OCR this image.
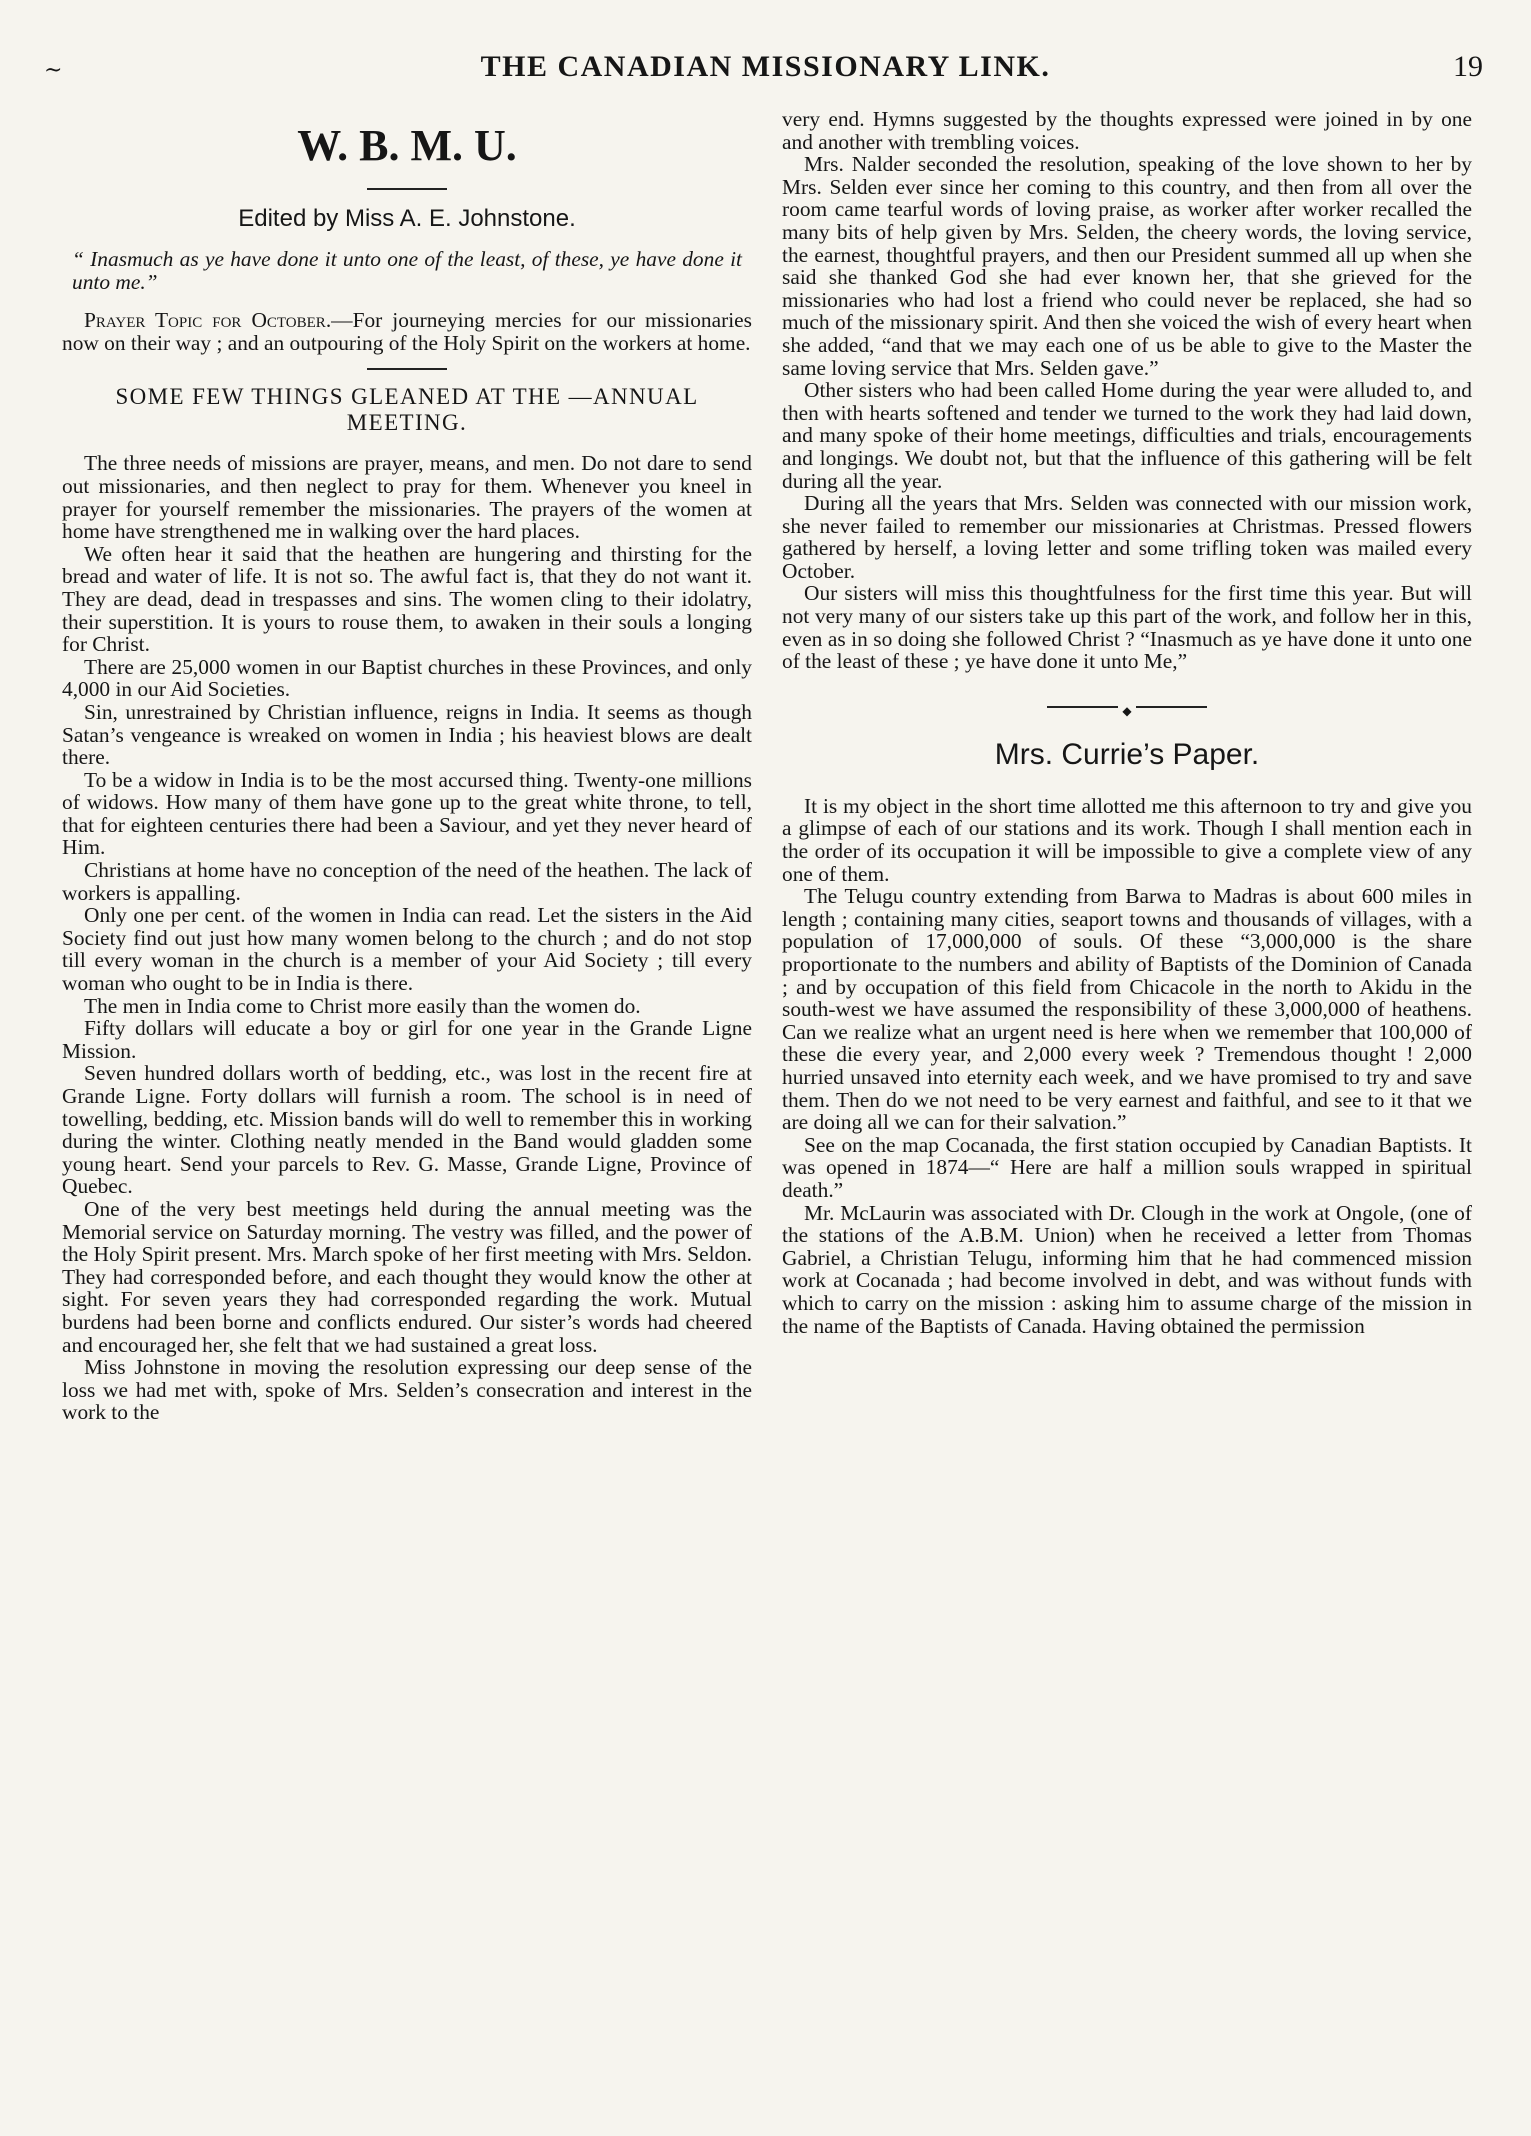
~	THE CANADIAN MISSIONARY LINK.	19
W. B. M. U.
Edited by Miss A. E. Johnstone.

“ Inasmuch as ye have done it unto one of the least, of these, ye have done it unto me.”

Prayer Topic for October.—For journeying mercies for our missionaries now on their way ; and an outpouring of the Holy Spirit on the workers at home.

SOME FEW THINGS GLEANED AT THE —ANNUAL MEETING.

The three needs of missions are prayer, means, and men. Do not dare to send out missionaries, and then neglect to pray for them. Whenever you kneel in prayer for yourself remember the missionaries. The prayers of the women at home have strengthened me in walking over the hard places.

We often hear it said that the heathen are hungering and thirsting for the bread and water of life. It is not so. The awful fact is, that they do not want it. They are dead, dead in trespasses and sins. The women cling to their idolatry, their superstition. It is yours to rouse them, to awaken in their souls a longing for Christ.

There are 25,000 women in our Baptist churches in these Provinces, and only 4,000 in our Aid Societies.

Sin, unrestrained by Christian influence, reigns in India. It seems as though Satan’s vengeance is wreaked on women in India ; his heaviest blows are dealt there.

To be a widow in India is to be the most accursed thing. Twenty-one millions of widows. How many of them have gone up to the great white throne, to tell, that for eighteen centuries there had been a Saviour, and yet they never heard of Him.

Christians at home have no conception of the need of the heathen. The lack of workers is appalling.

Only one per cent. of the women in India can read. Let the sisters in the Aid Society find out just how many women belong to the church ; and do not stop till every woman in the church is a member of your Aid Society ; till every woman who ought to be in India is there.

The men in India come to Christ more easily than the women do.

Fifty dollars will educate a boy or girl for one year in the Grande Ligne Mission.

Seven hundred dollars worth of bedding, etc., was lost in the recent fire at Grande Ligne. Forty dollars will furnish a room. The school is in need of towelling, bedding, etc. Mission bands will do well to remember this in working during the winter. Clothing neatly mended in the Band would gladden some young heart. Send your parcels to Rev. G. Masse, Grande Ligne, Province of Quebec.

One of the very best meetings held during the annual meeting was the Memorial service on Saturday morning. The vestry was filled, and the power of the Holy Spirit present. Mrs. March spoke of her first meeting with Mrs. Seldon. They had corresponded before, and each thought they would know the other at sight. For seven years they had corresponded regarding the work. Mutual burdens had been borne and conflicts endured. Our sister’s words had cheered and encouraged her, she felt that we had sustained a great loss.

Miss Johnstone in moving the resolution expressing our deep sense of the loss we had met with, spoke of Mrs. Selden’s consecration and interest in the work to the

very end. Hymns suggested by the thoughts expressed were joined in by one and another with trembling voices.

Mrs. Nalder seconded the resolution, speaking of the love shown to her by Mrs. Selden ever since her coming to this country, and then from all over the room came tearful words of loving praise, as worker after worker recalled the many bits of help given by Mrs. Selden, the cheery words, the loving service, the earnest, thoughtful prayers, and then our President summed all up when she said she thanked God she had ever known her, that she grieved for the missionaries who had lost a friend who could never be replaced, she had so much of the missionary spirit. And then she voiced the wish of every heart when she added, “and that we may each one of us be able to give to the Master the same loving service that Mrs. Selden gave.”

Other sisters who had been called Home during the year were alluded to, and then with hearts softened and tender we turned to the work they had laid down, and many spoke of their home meetings, difficulties and trials, encouragements and longings. We doubt not, but that the influence of this gathering will be felt during all the year.

During all the years that Mrs. Selden was connected with our mission work, she never failed to remember our missionaries at Christmas. Pressed flowers gathered by herself, a loving letter and some trifling token was mailed every October.

Our sisters will miss this thoughtfulness for the first time this year. But will not very many of our sisters take up this part of the work, and follow her in this, even as in so doing she followed Christ ? “Inasmuch as ye have done it unto one of the least of these ; ye have done it unto Me,”

◆
Mrs. Currie’s Paper.

It is my object in the short time allotted me this afternoon to try and give you a glimpse of each of our stations and its work. Though I shall mention each in the order of its occupation it will be impossible to give a complete view of any one of them.

The Telugu country extending from Barwa to Madras is about 600 miles in length ; containing many cities, seaport towns and thousands of villages, with a population of 17,000,000 of souls. Of these “3,000,000 is the share proportionate to the numbers and ability of Baptists of the Dominion of Canada ; and by occupation of this field from Chicacole in the north to Akidu in the south-west we have assumed the responsibility of these 3,000,000 of heathens. Can we realize what an urgent need is here when we remember that 100,000 of these die every year, and 2,000 every week ? Tremendous thought ! 2,000 hurried unsaved into eternity each week, and we have promised to try and save them. Then do we not need to be very earnest and faithful, and see to it that we are doing all we can for their salvation.”

See on the map Cocanada, the first station occupied by Canadian Baptists. It was opened in 1874—“ Here are half a million souls wrapped in spiritual death.”

Mr. McLaurin was associated with Dr. Clough in the work at Ongole, (one of the stations of the A.B.M. Union) when he received a letter from Thomas Gabriel, a Christian Telugu, informing him that he had commenced mission work at Cocanada ; had become involved in debt, and was without funds with which to carry on the mission : asking him to assume charge of the mission in the name of the Baptists of Canada. Having obtained the permission
